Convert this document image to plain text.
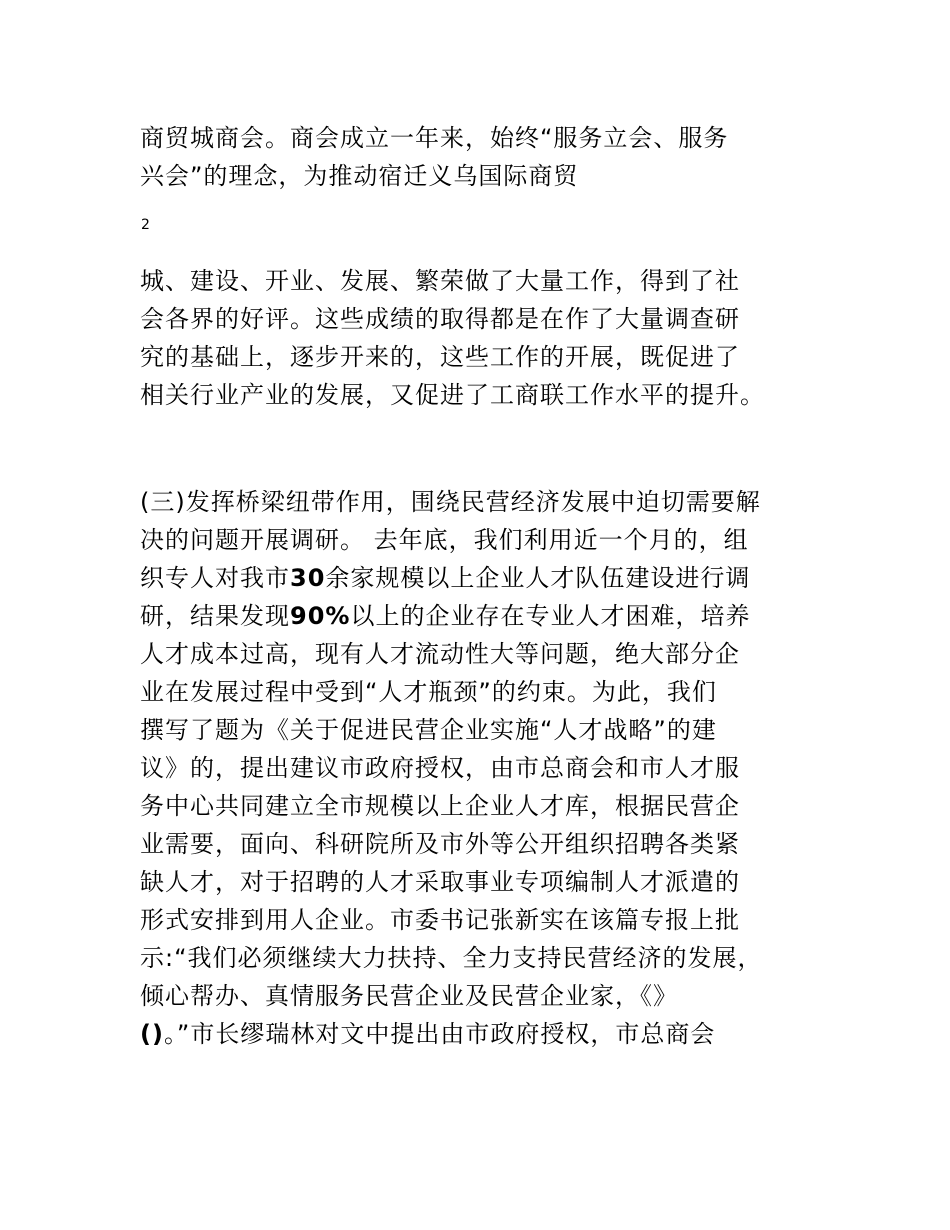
商贸城商会。商会成立一年来，始终“服务立会、服务
兴会”的理念，为推动宿迁义乌国际商贸
2
城、建设、开业、发展、繁荣做了大量工作，得到了社
会各界的好评。这些成绩的取得都是在作了大量调查研
究的基础上，逐步开来的，这些工作的开展，既促进了
相关行业产业的发展，又促进了工商联工作水平的提升。
(三)发挥桥梁纽带作用，围绕民营经济发展中迫切需要解
决的问题开展调研。 去年底，我们利用近一个月的，组
织专人对我市30余家规模以上企业人才队伍建设进行调
研，结果发现90%以上的企业存在专业人才困难，培养
人才成本过高，现有人才流动性大等问题，绝大部分企
业在发展过程中受到“人才瓶颈”的约束。为此，我们
撰写了题为《关于促进民营企业实施“人才战略”的建
议》的，提出建议市政府授权，由市总商会和市人才服
务中心共同建立全市规模以上企业人才库，根据民营企
业需要，面向、科研院所及市外等公开组织招聘各类紧
缺人才，对于招聘的人才采取事业专项编制人才派遣的
形式安排到用人企业。市委书记张新实在该篇专报上批
示:“我们必须继续大力扶持、全力支持民营经济的发展，
倾心帮办、真情服务民营企业及民营企业家，《》
()。”市长缪瑞林对文中提出由市政府授权，市总商会
